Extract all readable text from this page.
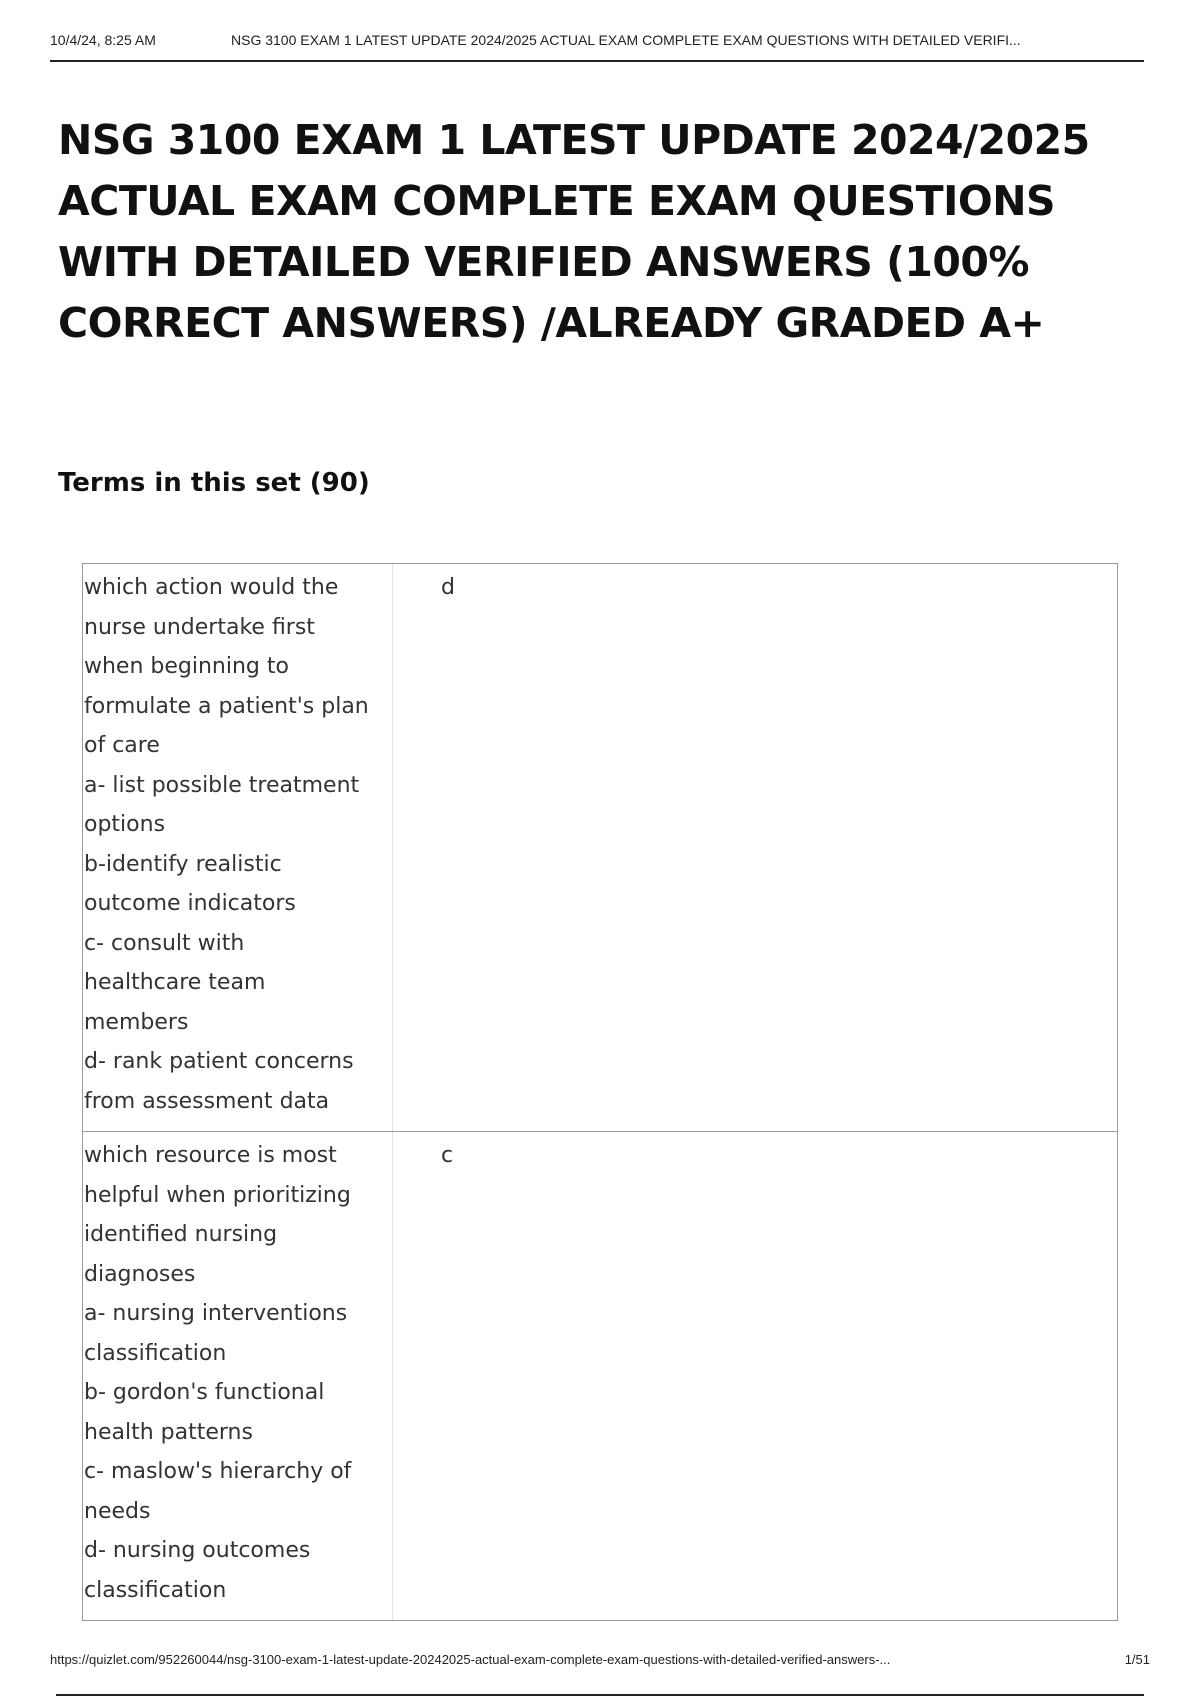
10/4/24, 8:25 AM	NSG 3100 EXAM 1 LATEST UPDATE 2024/2025 ACTUAL EXAM COMPLETE EXAM QUESTIONS WITH DETAILED VERIFI...
NSG 3100 EXAM 1 LATEST UPDATE 2024/2025 ACTUAL EXAM COMPLETE EXAM QUESTIONS WITH DETAILED VERIFIED ANSWERS (100% CORRECT ANSWERS) /ALREADY GRADED A+
Terms in this set (90)
which action would the
nurse undertake first
when beginning to
formulate a patient's plan
of care
a- list possible treatment
options
b-identify realistic
outcome indicators
c- consult with
healthcare team
members
d- rank patient concerns
from assessment data
d
which resource is most
helpful when prioritizing
identified nursing
diagnoses
a- nursing interventions
classification
b- gordon's functional
health patterns
c- maslow's hierarchy of
needs
d- nursing outcomes
classification
c
https://quizlet.com/952260044/nsg-3100-exam-1-latest-update-20242025-actual-exam-complete-exam-questions-with-detailed-verified-answers-...	1/51
